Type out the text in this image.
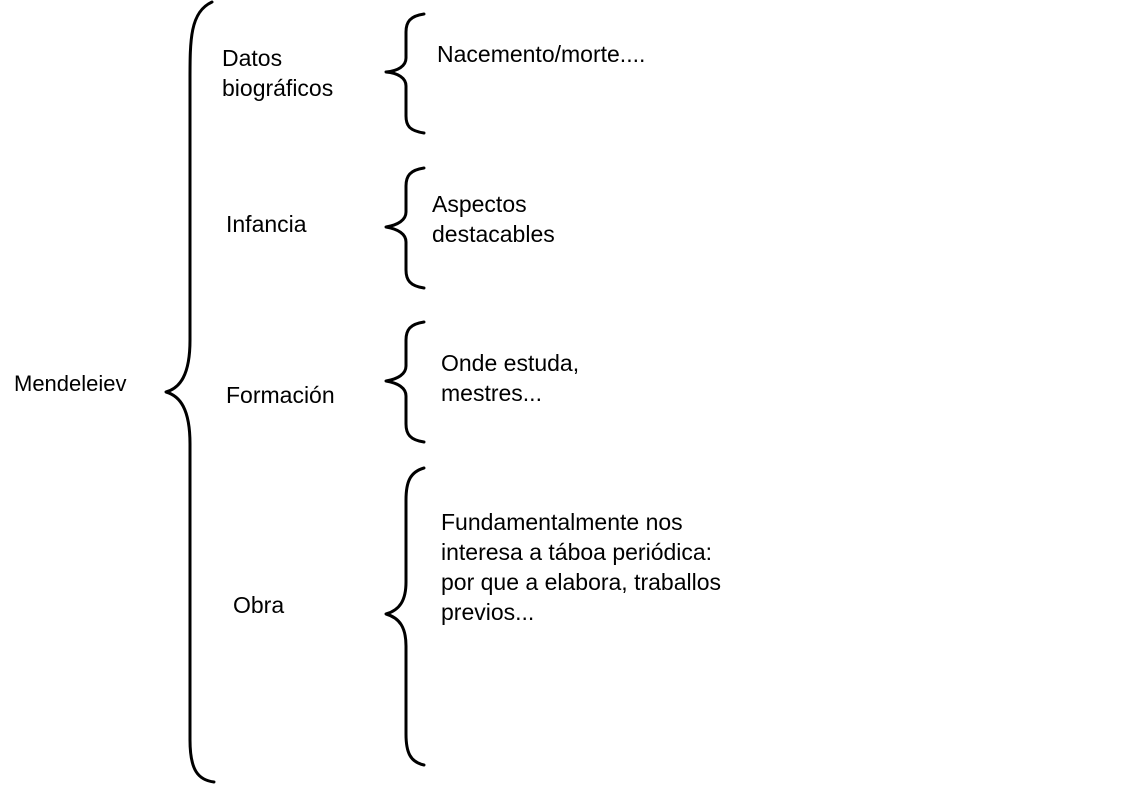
Mendeleiev

Datos
biográficos

Infancia

Formación

Obra

Nacemento/morte....

Aspectos
destacables

Onde estuda,
mestres...

Fundamentalmente nos
interesa a táboa periódica:
por que a elabora, traballos
previos...
